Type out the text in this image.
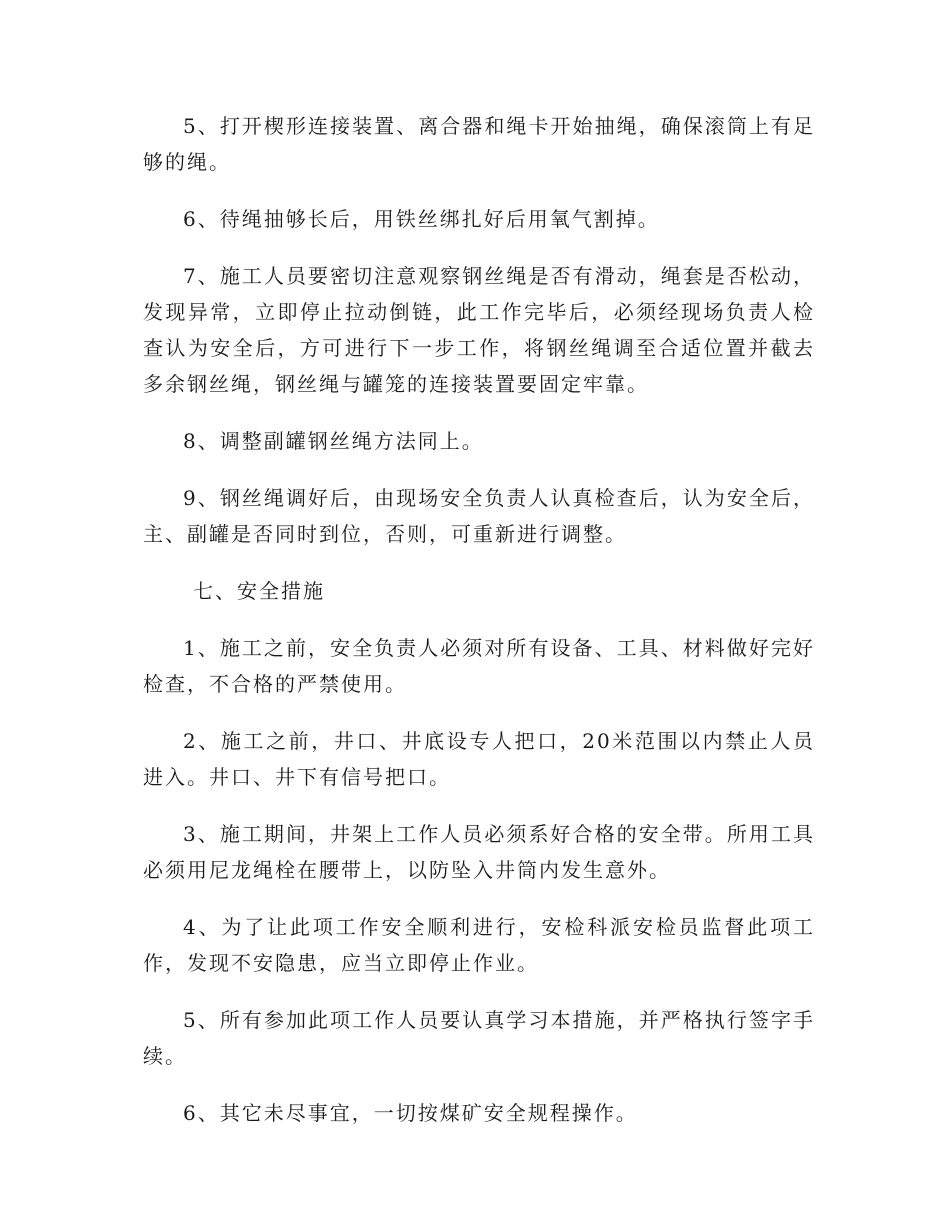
5、打开楔形连接装置、离合器和绳卡开始抽绳，确保滚筒上有足够的绳。

6、待绳抽够长后，用铁丝绑扎好后用氧气割掉。

7、施工人员要密切注意观察钢丝绳是否有滑动，绳套是否松动，发现异常，立即停止拉动倒链，此工作完毕后，必须经现场负责人检查认为安全后，方可进行下一步工作，将钢丝绳调至合适位置并截去多余钢丝绳，钢丝绳与罐笼的连接装置要固定牢靠。

8、调整副罐钢丝绳方法同上。

9、钢丝绳调好后，由现场安全负责人认真检查后，认为安全后，主、副罐是否同时到位，否则，可重新进行调整。

七、安全措施

1、施工之前，安全负责人必须对所有设备、工具、材料做好完好检查，不合格的严禁使用。

2、施工之前，井口、井底设专人把口，20米范围以内禁止人员进入。井口、井下有信号把口。

3、施工期间，井架上工作人员必须系好合格的安全带。所用工具必须用尼龙绳栓在腰带上，以防坠入井筒内发生意外。

4、为了让此项工作安全顺利进行，安检科派安检员监督此项工作，发现不安隐患，应当立即停止作业。

5、所有参加此项工作人员要认真学习本措施，并严格执行签字手续。

6、其它未尽事宜，一切按煤矿安全规程操作。
